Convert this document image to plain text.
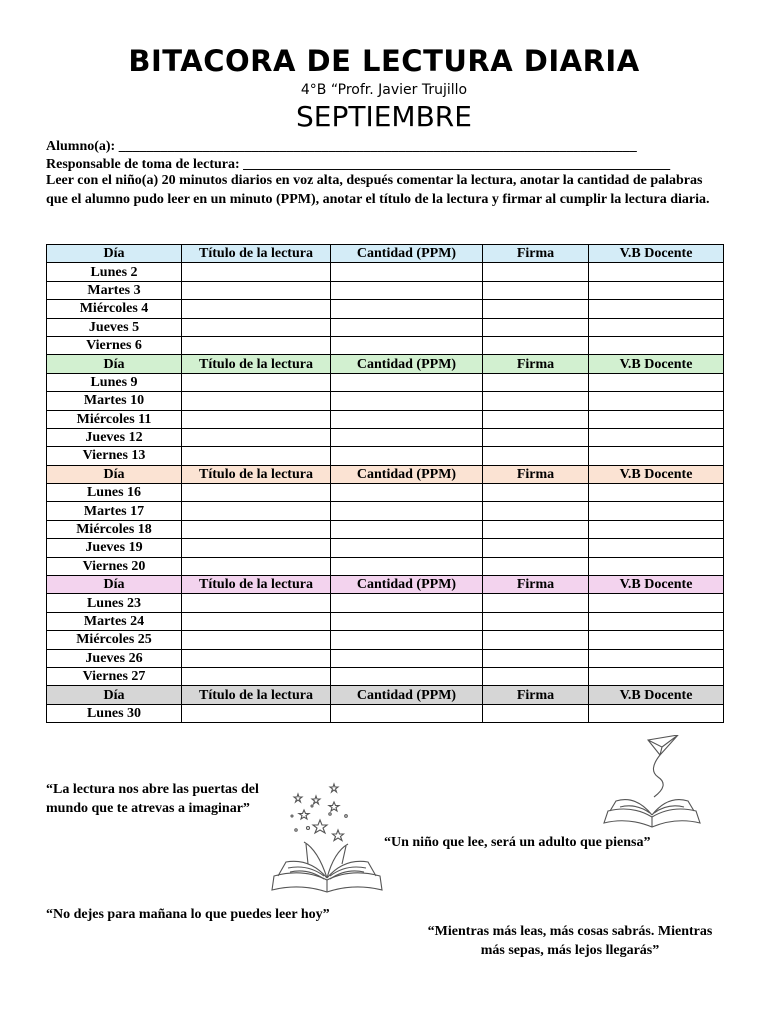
BITACORA DE LECTURA DIARIA
4°B “Profr. Javier Trujillo
SEPTIEMBRE
Alumno(a): __________________________________________________________________________
Responsable de toma de lectura: _____________________________________________________________
Leer con el niño(a) 20 minutos diarios en voz alta, después comentar la lectura, anotar la cantidad de palabras que el alumno pudo leer en un minuto (PPM), anotar el título de la lectura y firmar al cumplir la lectura diaria.
Día	Título de la lectura	Cantidad (PPM)	Firma	V.B Docente
Lunes 2				
Martes 3				
Miércoles 4				
Jueves 5				
Viernes 6				
Día	Título de la lectura	Cantidad (PPM)	Firma	V.B Docente
Lunes 9				
Martes 10				
Miércoles 11				
Jueves 12				
Viernes 13				
Día	Título de la lectura	Cantidad (PPM)	Firma	V.B Docente
Lunes 16				
Martes 17				
Miércoles 18				
Jueves 19				
Viernes 20				
Día	Título de la lectura	Cantidad (PPM)	Firma	V.B Docente
Lunes 23				
Martes 24				
Miércoles 25				
Jueves 26				
Viernes 27				
Día	Título de la lectura	Cantidad (PPM)	Firma	V.B Docente
Lunes 30				
“La lectura nos abre las puertas del
mundo que te atrevas a imaginar”
“Un niño que lee, será un adulto que piensa”
“No dejes para mañana lo que puedes leer hoy”
“Mientras más leas, más cosas sabrás. Mientras
más sepas, más lejos llegarás”
